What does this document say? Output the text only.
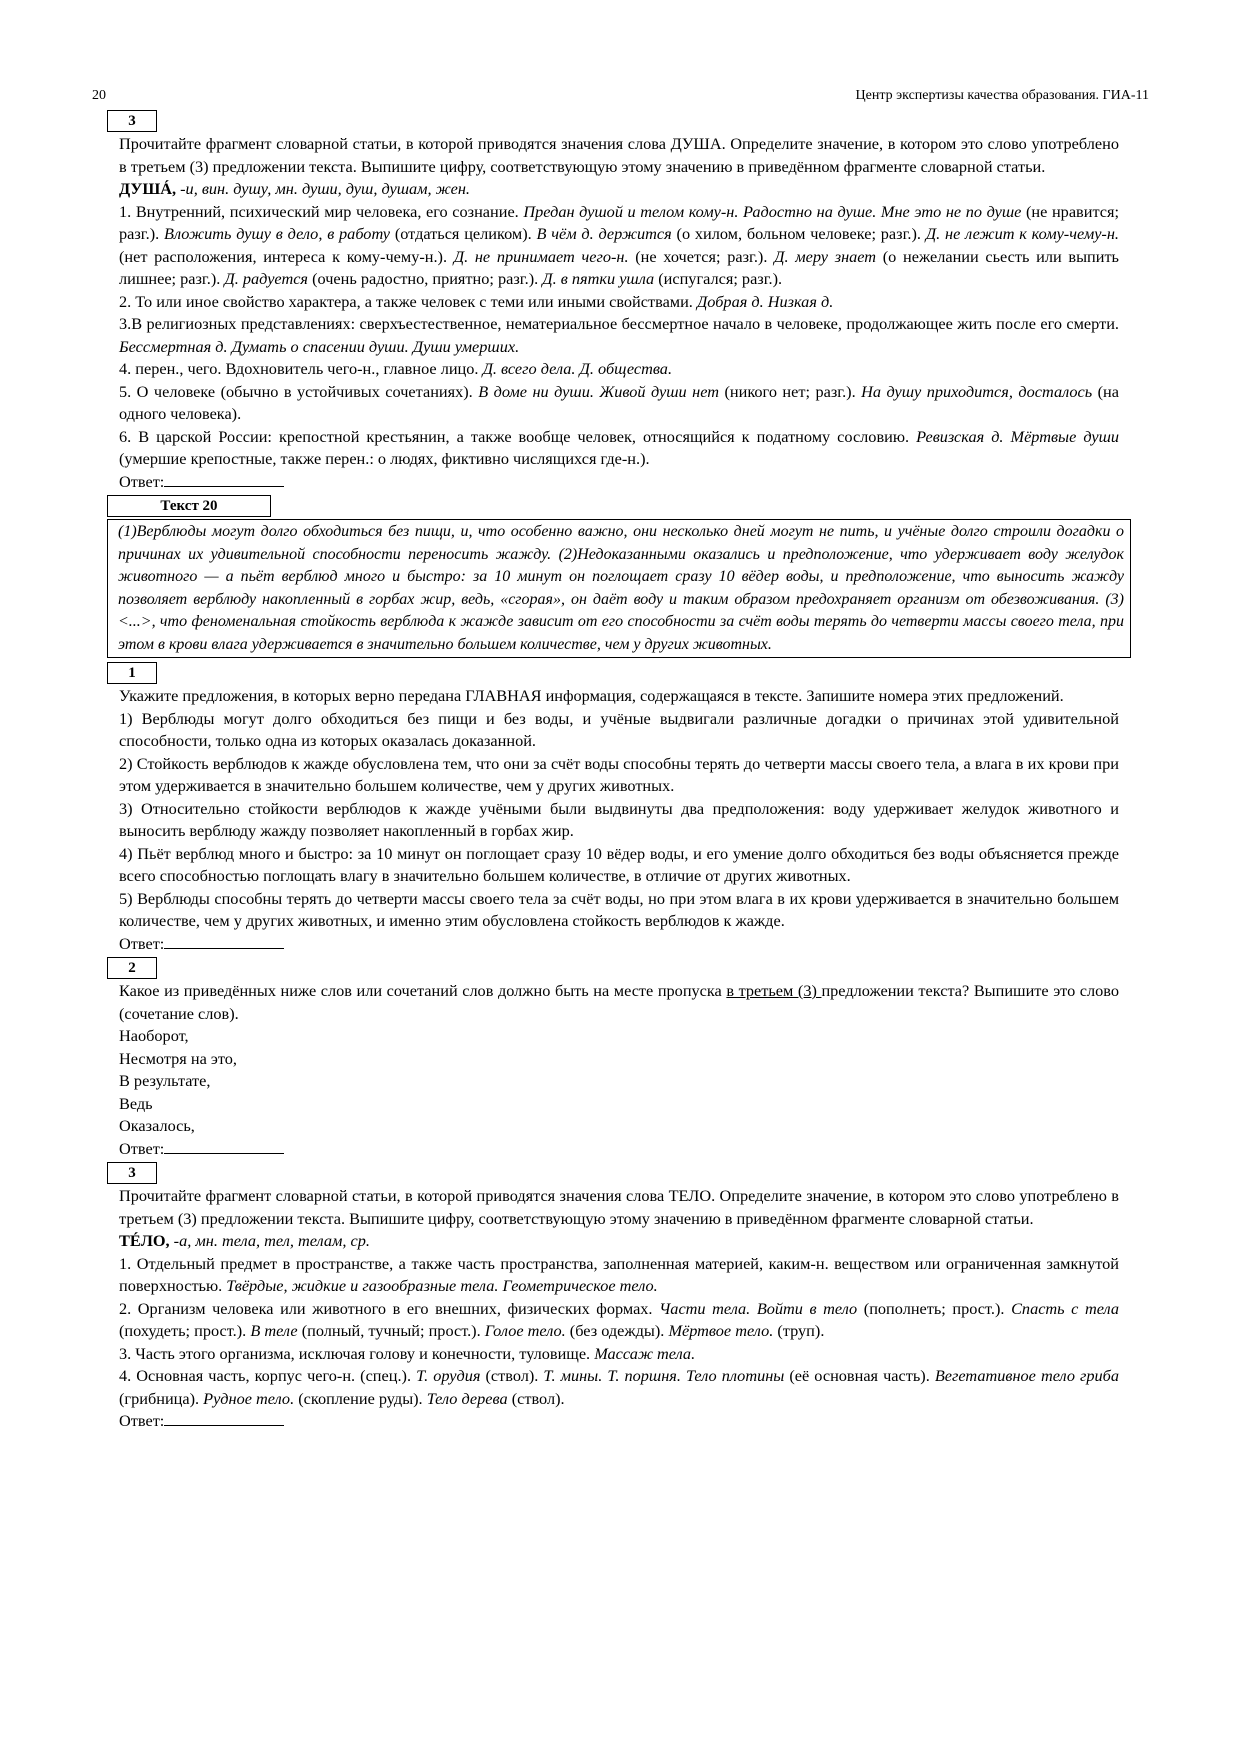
20	Центр экспертизы качества образования. ГИА-11
3

Прочитайте фрагмент словарной статьи, в которой приводятся значения слова ДУША. Определите значение, в котором это слово употреблено в третьем (3) предложении текста. Выпишите цифру, соответствующую этому значению в приведённом фрагменте словарной статьи.

ДУШÁ, -и, вин. душу, мн. души, душ, душам, жен.

1. Внутренний, психический мир человека, его сознание. Предан душой и телом кому-н. Радостно на душе. Мне это не по душе (не нравится; разг.). Вложить душу в дело, в работу (отдаться целиком). В чём д. держится (о хилом, больном человеке; разг.). Д. не лежит к кому-чему-н. (нет расположения, интереса к кому-чему-н.). Д. не принимает чего-н. (не хочется; разг.). Д. меру знает (о нежелании сьесть или выпить лишнее; разг.). Д. радуется (очень радостно, приятно; разг.). Д. в пятки ушла (испугался; разг.).

2. То или иное свойство характера, а также человек с теми или иными свойствами. Добрая д. Низкая д.

3.В религиозных представлениях: сверхъестественное, нематериальное бессмертное начало в человеке, продолжающее жить после его смерти. Бессмертная д. Думать о спасении души. Души умерших.

4. перен., чего. Вдохновитель чего-н., главное лицо. Д. всего дела. Д. общества.

5. О человеке (обычно в устойчивых сочетаниях). В доме ни души. Живой души нет (никого нет; разг.). На душу приходится, досталось (на одного человека).

6. В царской России: крепостной крестьянин, а также вообще человек, относящийся к податному сословию. Ревизская д. Мёртвые души (умершие крепостные, также перен.: о людях, фиктивно числящихся где-н.).

Ответ:

Текст 20

(1)Верблюды могут долго обходиться без пищи, и, что особенно важно, они несколько дней могут не пить, и учёные долго строили догадки о причинах их удивительной способности переносить жажду. (2)Недоказанными оказались и предположение, что удерживает воду желудок животного — а пьёт верблюд много и быстро: за 10 минут он поглощает сразу 10 вёдер воды, и предположение, что выносить жажду позволяет верблюду накопленный в горбах жир, ведь, «сгорая», он даёт воду и таким образом предохраняет организм от обезвоживания. (3)<...>, что феноменальная стойкость верблюда к жажде зависит от его способности за счёт воды терять до четверти массы своего тела, при этом в крови влага удерживается в значительно большем количестве, чем у других животных.

1

Укажите предложения, в которых верно передана ГЛАВНАЯ информация, содержащаяся в тексте. Запишите номера этих предложений.

1) Верблюды могут долго обходиться без пищи и без воды, и учёные выдвигали различные догадки о причинах этой удивительной способности, только одна из которых оказалась доказанной.

2) Стойкость верблюдов к жажде обусловлена тем, что они за счёт воды способны терять до четверти массы своего тела, а влага в их крови при этом удерживается в значительно большем количестве, чем у других животных.

3) Относительно стойкости верблюдов к жажде учёными были выдвинуты два предположения: воду удерживает желудок животного и выносить верблюду жажду позволяет накопленный в горбах жир.

4) Пьёт верблюд много и быстро: за 10 минут он поглощает сразу 10 вёдер воды, и его умение долго обходиться без воды объясняется прежде всего способностью поглощать влагу в значительно большем количестве, в отличие от других животных.

5) Верблюды способны терять до четверти массы своего тела за счёт воды, но при этом влага в их крови удерживается в значительно большем количестве, чем у других животных, и именно этим обусловлена стойкость верблюдов к жажде.

Ответ:

2

Какое из приведённых ниже слов или сочетаний слов должно быть на месте пропуска в третьем (3) предложении текста? Выпишите это слово (сочетание слов).

Наоборот,

Несмотря на это,

В результате,

Ведь

Оказалось,

Ответ:

3

Прочитайте фрагмент словарной статьи, в которой приводятся значения слова ТЕЛО. Определите значение, в котором это слово употреблено в третьем (3) предложении текста. Выпишите цифру, соответствующую этому значению в приведённом фрагменте словарной статьи.

ТÉЛО, -а, мн. тела, тел, телам, ср.

1. Отдельный предмет в пространстве, а также часть пространства, заполненная материей, каким-н. веществом или ограниченная замкнутой поверхностью. Твёрдые, жидкие и газообразные тела. Геометрическое тело.

2. Организм человека или животного в его внешних, физических формах. Части тела. Войти в тело (пополнеть; прост.). Спасть с тела (похудеть; прост.). В теле (полный, тучный; прост.). Голое тело. (без одежды). Мёртвое тело. (труп).

3. Часть этого организма, исключая голову и конечности, туловище. Массаж тела.

4. Основная часть, корпус чего-н. (спец.). Т. орудия (ствол). Т. мины. Т. поршня. Тело плотины (её основная часть). Вегетативное тело гриба (грибница). Рудное тело. (скопление руды). Тело дерева (ствол).

Ответ:
